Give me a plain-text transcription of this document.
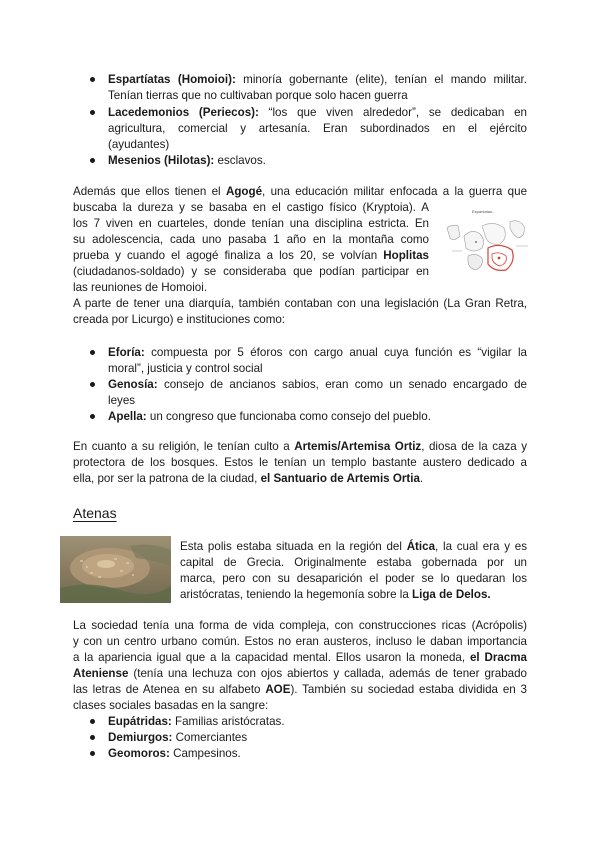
Espartíatas (Homoioi): minoría gobernante (elite), tenían el mando militar.
Tenían tierras que no cultivaban porque solo hacen guerra
Lacedemonios (Periecos): “los que viven alrededor”, se dedicaban en
agricultura, comercial y artesanía. Eran subordinados en el ejército
(ayudantes)
Mesenios (Hilotas): esclavos.
Además que ellos tienen el Agogé, una educación militar enfocada a la guerra que
buscaba la dureza y se basaba en el castigo físico (Kryptoia). A
los 7 viven en cuarteles, donde tenían una disciplina estricta. En
su adolescencia, cada uno pasaba 1 año en la montaña como
prueba y cuando el agogé finaliza a los 20, se volvían Hoplitas
(ciudadanos-soldado) y se consideraba que podían participar en
las reuniones de Homoioi.
A parte de tener una diarquía, también contaban con una legislación (La Gran Retra,
creada por Licurgo) e instituciones como:
Espartiatas...
Eforía: compuesta por 5 éforos con cargo anual cuya función es “vigilar la
moral”, justicia y control social
Genosía: consejo de ancianos sabios, eran como un senado encargado de
leyes
Apella: un congreso que funcionaba como consejo del pueblo.
En cuanto a su religión, le tenían culto a Artemis/Artemisa Ortiz, diosa de la caza y
protectora de los bosques. Estos le tenían un templo bastante austero dedicado a
ella, por ser la patrona de la ciudad, el Santuario de Artemis Ortia.
Atenas
Esta polis estaba situada en la región del Ática, la cual era y es
capital de Grecia. Originalmente estaba gobernada por un
marca, pero con su desaparición el poder se lo quedaran los
aristócratas, teniendo la hegemonía sobre la Liga de Delos.
La sociedad tenía una forma de vida compleja, con construcciones ricas (Acrópolis)
y con un centro urbano común. Estos no eran austeros, incluso le daban importancia
a la apariencia igual que a la capacidad mental. Ellos usaron la moneda, el Dracma
Ateniense (tenía una lechuza con ojos abiertos y callada, además de tener grabado
las letras de Atenea en su alfabeto AOE). También su sociedad estaba dividida en 3
clases sociales basadas en la sangre:
Eupátridas: Familias aristócratas.
Demiurgos: Comerciantes
Geomoros: Campesinos.
